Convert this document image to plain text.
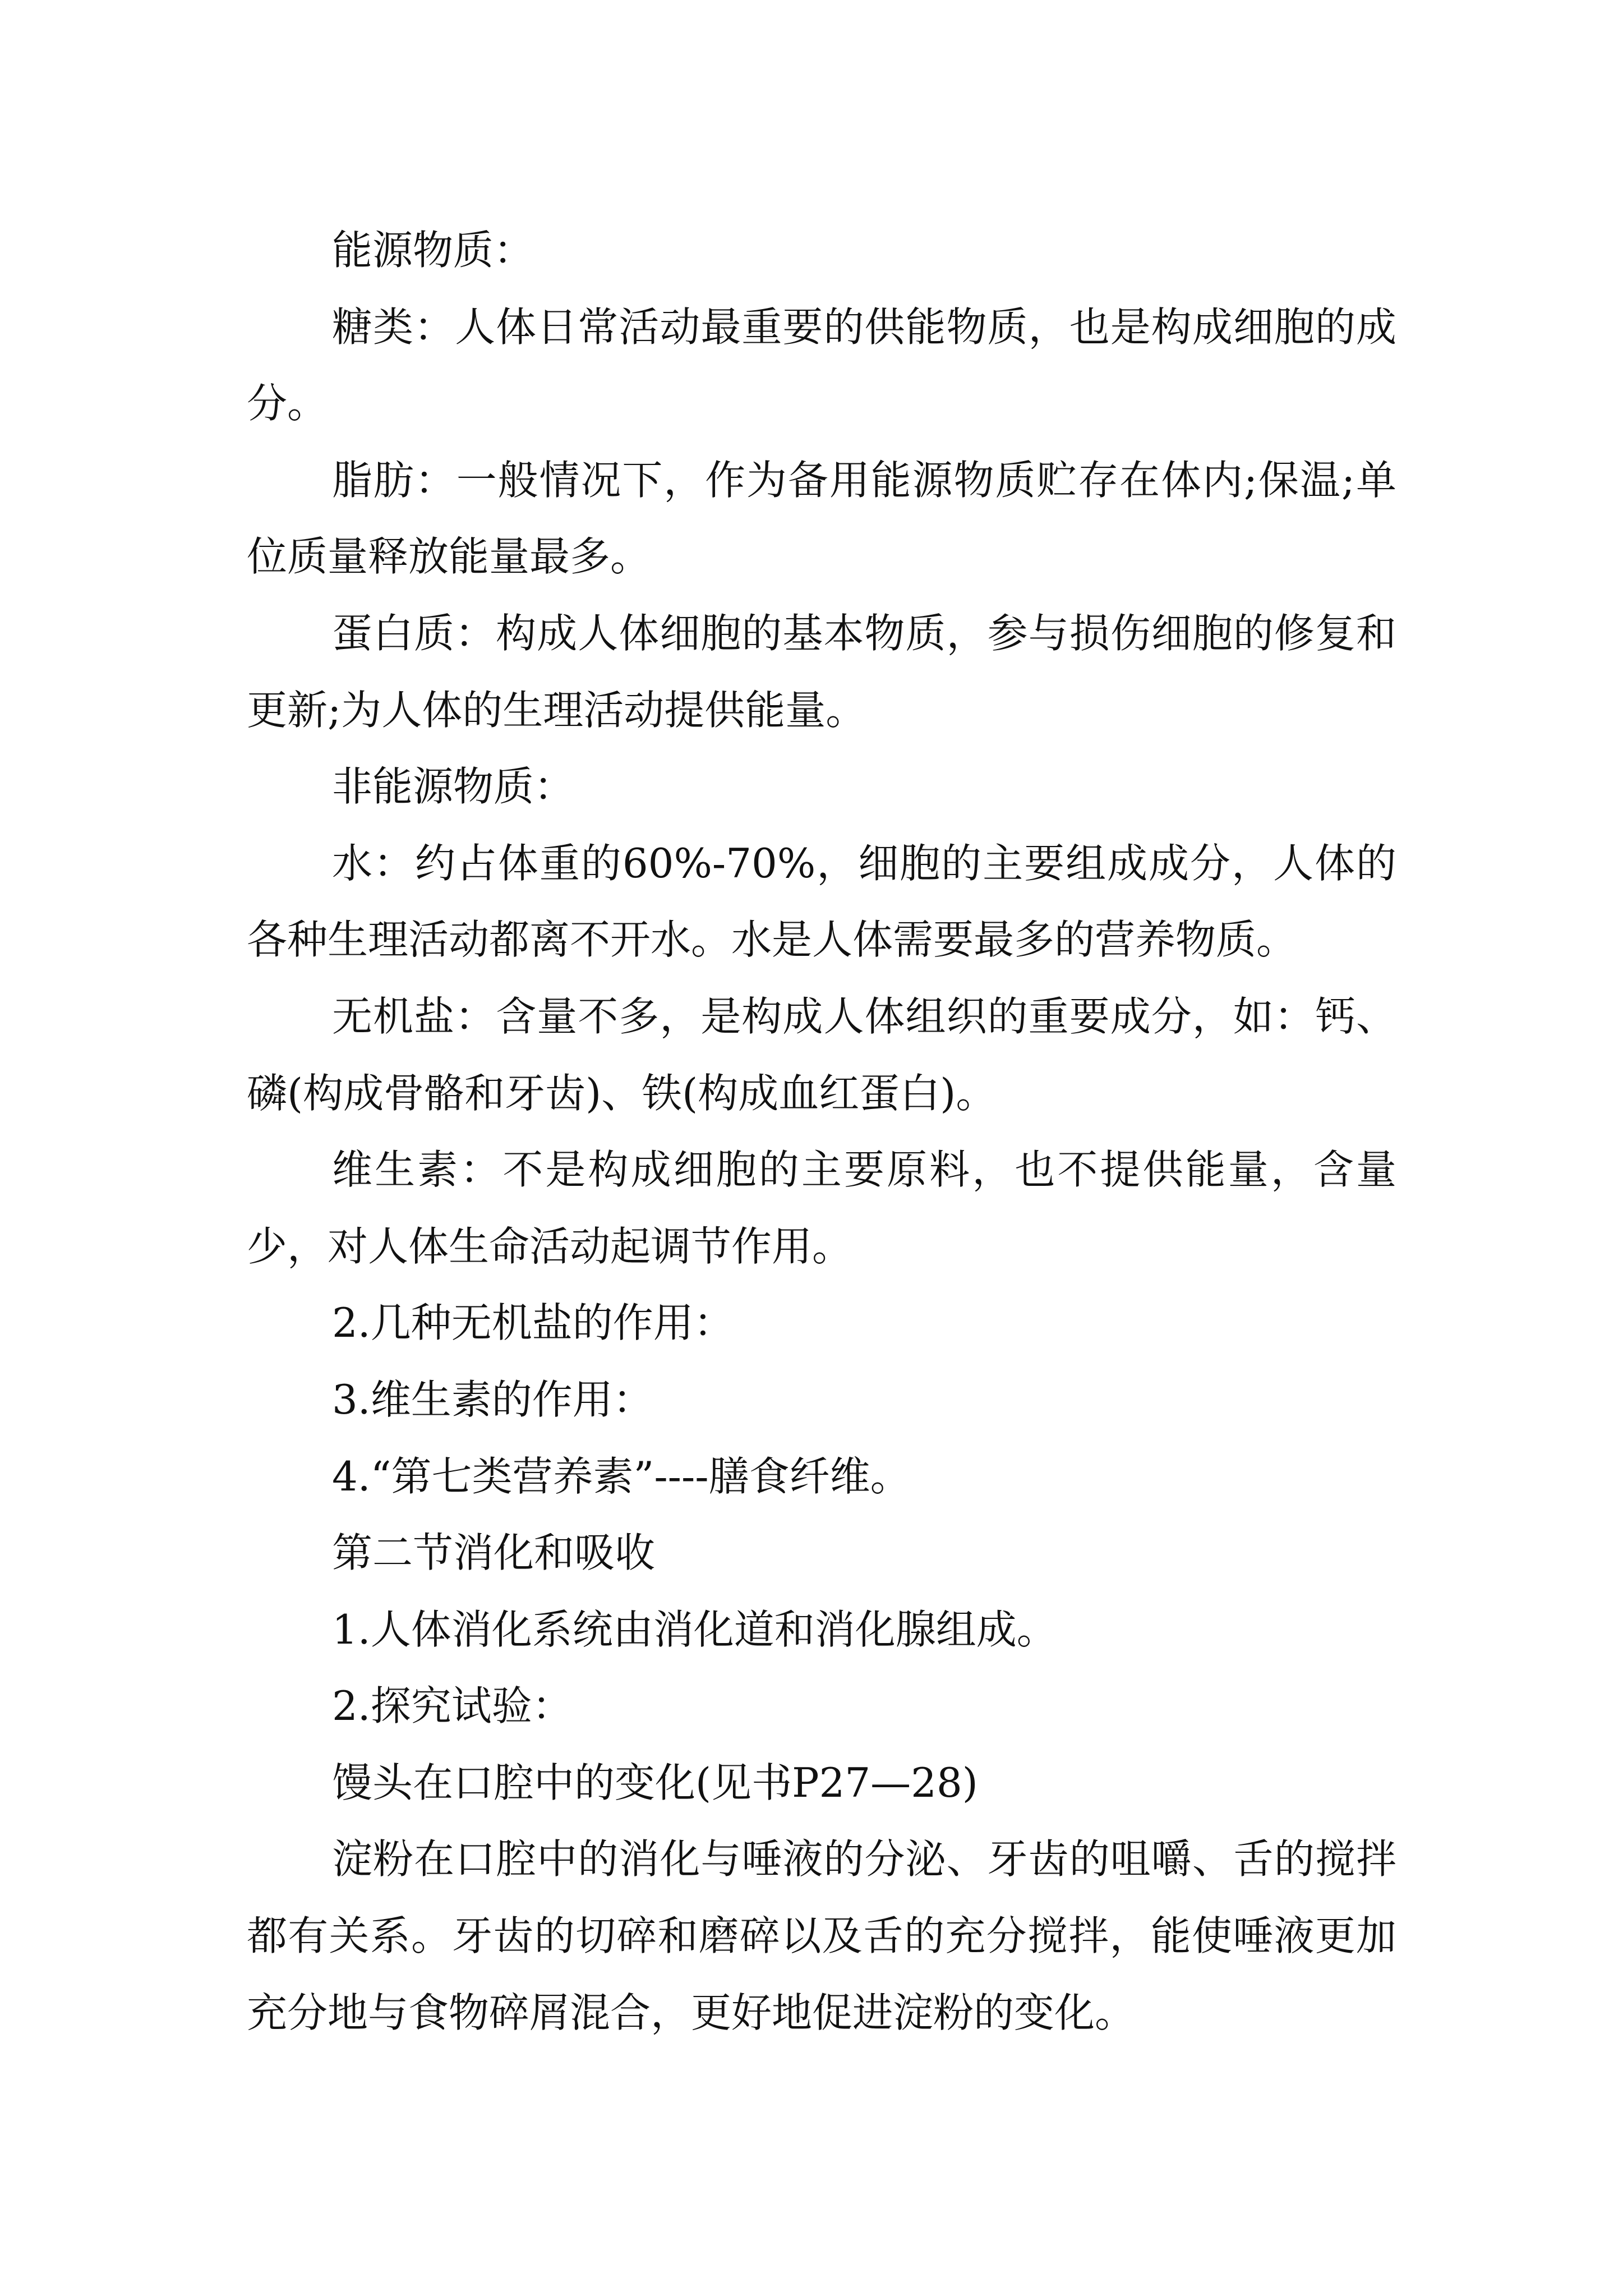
能源物质：

糖类：人体日常活动最重要的供能物质，也是构成细胞的成分。

脂肪：一般情况下，作为备用能源物质贮存在体内;保温;单位质量释放能量最多。

蛋白质：构成人体细胞的基本物质，参与损伤细胞的修复和更新;为人体的生理活动提供能量。

非能源物质：

水：约占体重的60%-70%，细胞的主要组成成分，人体的各种生理活动都离不开水。水是人体需要最多的营养物质。

无机盐：含量不多，是构成人体组织的重要成分，如：钙、磷(构成骨骼和牙齿)、铁(构成血红蛋白)。

维生素：不是构成细胞的主要原料，也不提供能量，含量少，对人体生命活动起调节作用。

2.几种无机盐的作用：

3.维生素的作用：

4.“第七类营养素”----膳食纤维。

第二节消化和吸收

1.人体消化系统由消化道和消化腺组成。

2.探究试验：

馒头在口腔中的变化(见书P27—28)

淀粉在口腔中的消化与唾液的分泌、牙齿的咀嚼、舌的搅拌都有关系。牙齿的切碎和磨碎以及舌的充分搅拌，能使唾液更加充分地与食物碎屑混合，更好地促进淀粉的变化。
